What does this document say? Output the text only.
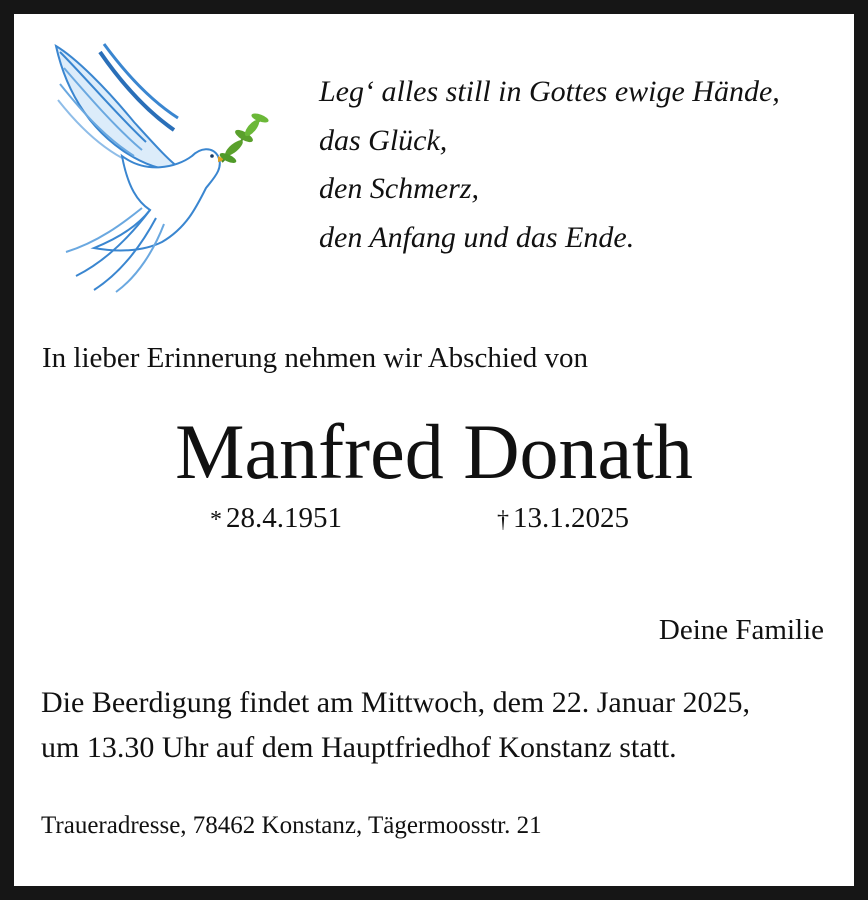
Leg‘ alles still in Gottes ewige Hände,
das Glück,
den Schmerz,
den Anfang und das Ende.
In lieber Erinnerung nehmen wir Abschied von
Manfred Donath
* 28.4.1951	† 13.1.2025
Deine Familie
Die Beerdigung findet am Mittwoch, dem 22. Januar 2025,
um 13.30 Uhr auf dem Hauptfriedhof Konstanz statt.
Traueradresse, 78462 Konstanz, Tägermoosstr. 21
